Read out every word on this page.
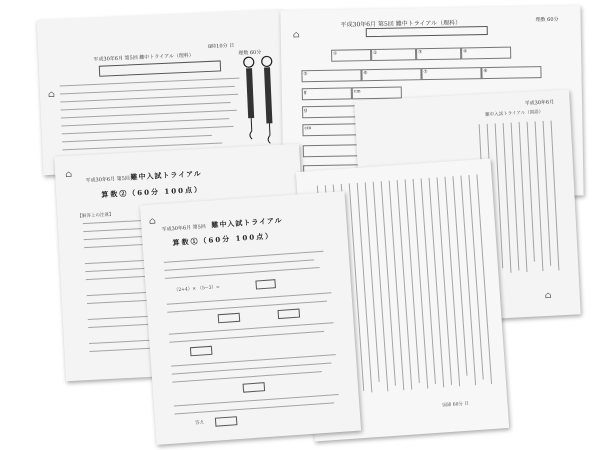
平成30年6月 第5回 難中トライアル（理科）
8時10分 日
理数 60分
⌂
平成30年6月 第5回 難中トライアル（理科）	理数 60分
⌂
①	②	③	④
⑤	⑥	⑦	⑧
g	cm
g
cm
平成30年6月
難中入試トライアル（国語）
⌂
平成30年6月 第5回 難中入試トライアル
算数②（60分 100点）
【解答上の注意】
⌂
国語 60分 日
平成30年6月 第5回 難中入試トライアル
算数①（60分 100点）
⌂
（2+4）× （5−3）=
答え
